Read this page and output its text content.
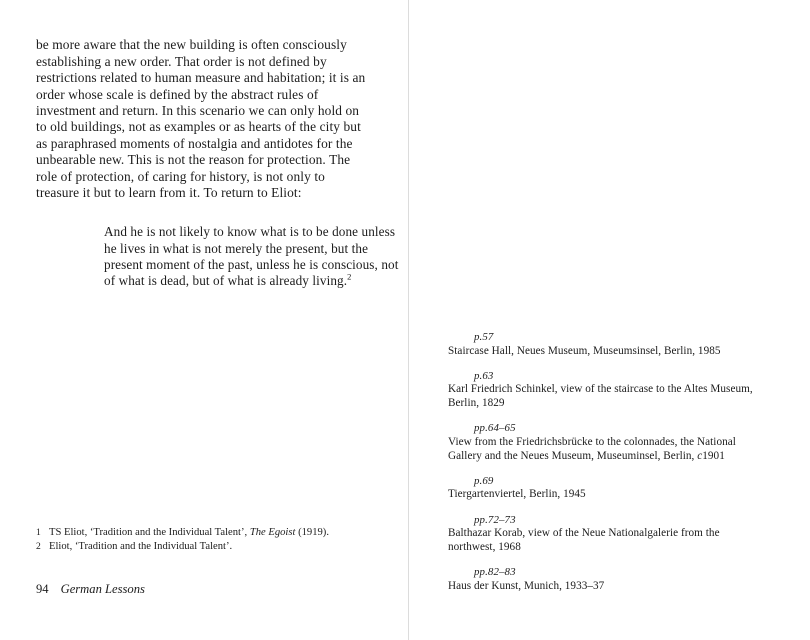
be more aware that the new building is often consciously establishing a new order. That order is not defined by restrictions related to human measure and habitation; it is an order whose scale is defined by the abstract rules of investment and return. In this scenario we can only hold on to old buildings, not as examples or as hearts of the city but as paraphrased moments of nostalgia and antidotes for the unbearable new. This is not the reason for protection. The role of protection, of caring for history, is not only to treasure it but to learn from it. To return to Eliot:

And he is not likely to know what is to be done unless he lives in what is not merely the present, but the present moment of the past, unless he is conscious, not of what is dead, but of what is already living.$^2$
1 TS Eliot, ‘Tradition and the Individual Talent’, The Egoist (1919).
2 Eliot, ‘Tradition and the Individual Talent’.
94 German Lessons
p.57
Staircase Hall, Neues Museum, Museumsinsel, Berlin, 1985
p.63
Karl Friedrich Schinkel, view of the staircase to the Altes Museum, Berlin, 1829
pp.64–65
View from the Friedrichsbrücke to the colonnades, the National Gallery and the Neues Museum, Museuminsel, Berlin, c1901
p.69
Tiergartenviertel, Berlin, 1945
pp.72–73
Balthazar Korab, view of the Neue Nationalgalerie from the northwest, 1968
pp.82–83
Haus der Kunst, Munich, 1933–37
